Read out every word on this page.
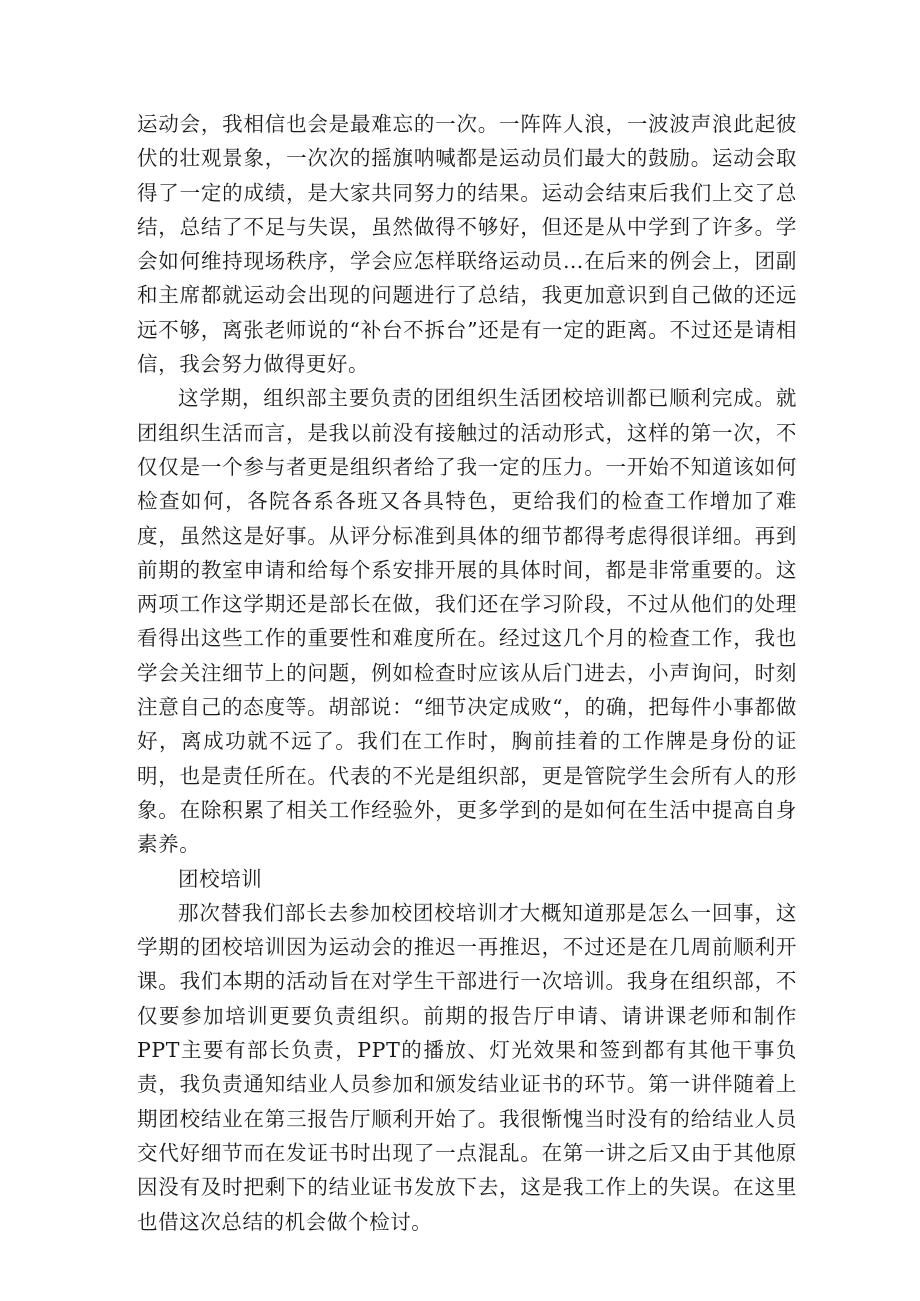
运动会，我相信也会是最难忘的一次。一阵阵人浪，一波波声浪此起彼伏的壮观景象，一次次的摇旗呐喊都是运动员们最大的鼓励。运动会取得了一定的成绩，是大家共同努力的结果。运动会结束后我们上交了总结，总结了不足与失误，虽然做得不够好，但还是从中学到了许多。学会如何维持现场秩序，学会应怎样联络运动员…在后来的例会上，团副和主席都就运动会出现的问题进行了总结，我更加意识到自己做的还远远不够，离张老师说的“补台不拆台”还是有一定的距离。不过还是请相信，我会努力做得更好。

这学期，组织部主要负责的团组织生活团校培训都已顺利完成。就团组织生活而言，是我以前没有接触过的活动形式，这样的第一次，不仅仅是一个参与者更是组织者给了我一定的压力。一开始不知道该如何检查如何，各院各系各班又各具特色，更给我们的检查工作增加了难度，虽然这是好事。从评分标准到具体的细节都得考虑得很详细。再到前期的教室申请和给每个系安排开展的具体时间，都是非常重要的。这两项工作这学期还是部长在做，我们还在学习阶段，不过从他们的处理看得出这些工作的重要性和难度所在。经过这几个月的检查工作，我也学会关注细节上的问题，例如检查时应该从后门进去，小声询问，时刻注意自己的态度等。胡部说：“细节决定成败“，的确，把每件小事都做好，离成功就不远了。我们在工作时，胸前挂着的工作牌是身份的证明，也是责任所在。代表的不光是组织部，更是管院学生会所有人的形象。在除积累了相关工作经验外，更多学到的是如何在生活中提高自身素养。

团校培训

那次替我们部长去参加校团校培训才大概知道那是怎么一回事，这学期的团校培训因为运动会的推迟一再推迟，不过还是在几周前顺利开课。我们本期的活动旨在对学生干部进行一次培训。我身在组织部，不仅要参加培训更要负责组织。前期的报告厅申请、请讲课老师和制作PPT主要有部长负责，PPT的播放、灯光效果和签到都有其他干事负责，我负责通知结业人员参加和颁发结业证书的环节。第一讲伴随着上期团校结业在第三报告厅顺利开始了。我很惭愧当时没有的给结业人员交代好细节而在发证书时出现了一点混乱。在第一讲之后又由于其他原因没有及时把剩下的结业证书发放下去，这是我工作上的失误。在这里也借这次总结的机会做个检讨。
